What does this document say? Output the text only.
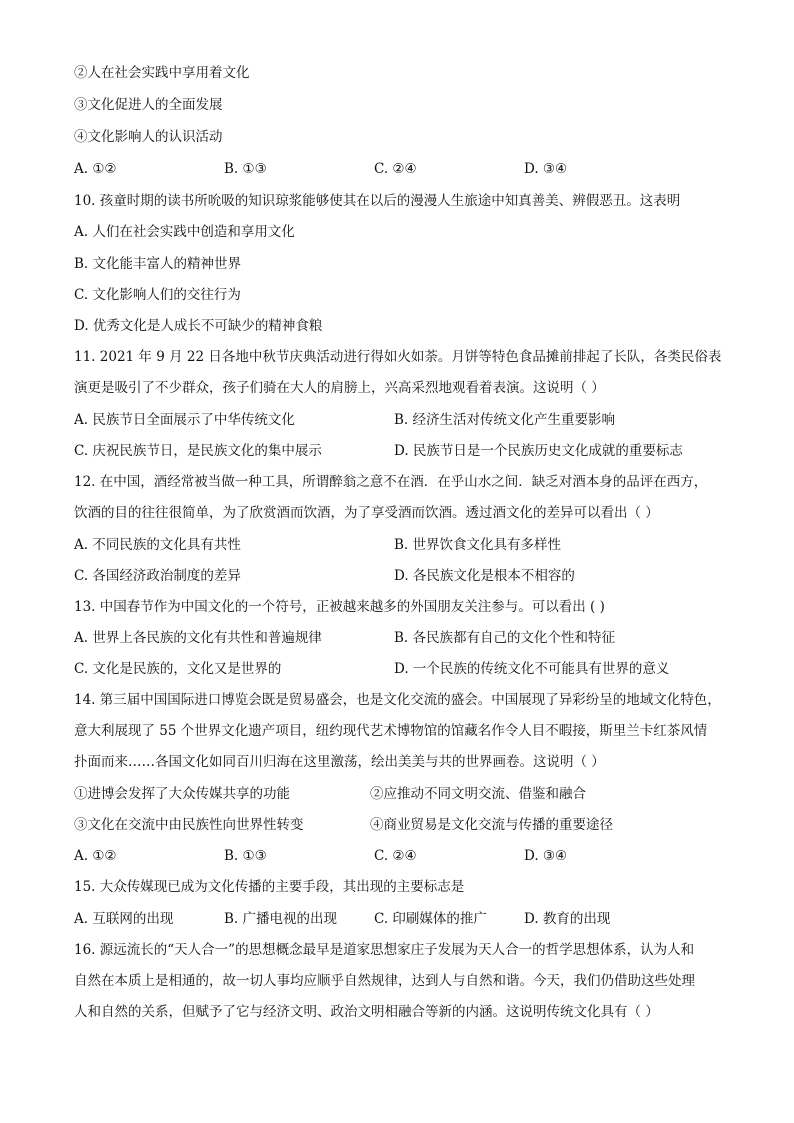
②人在社会实践中享用着文化
③文化促进人的全面发展
④文化影响人的认识活动
A. ①②	B. ①③	C. ②④	D. ③④
10. 孩童时期的读书所吮吸的知识琼浆能够使其在以后的漫漫人生旅途中知真善美、辨假恶丑。这表明
A. 人们在社会实践中创造和享用文化
B. 文化能丰富人的精神世界
C. 文化影响人们的交往行为
D. 优秀文化是人成长不可缺少的精神食粮
11. 2021 年 9 月 22 日各地中秋节庆典活动进行得如火如荼。月饼等特色食品摊前排起了长队，各类民俗表
演更是吸引了不少群众，孩子们骑在大人的肩膀上，兴高采烈地观看着表演。这说明（ ）
A. 民族节日全面展示了中华传统文化	B. 经济生活对传统文化产生重要影响
C. 庆祝民族节日，是民族文化的集中展示	D. 民族节日是一个民族历史文化成就的重要标志
12. 在中国，酒经常被当做一种工具，所谓醉翁之意不在酒．在乎山水之间．缺乏对酒本身的品评在西方，
饮酒的目的往往很简单，为了欣赏酒而饮酒，为了享受酒而饮酒。透过酒文化的差异可以看出（ ）
A. 不同民族的文化具有共性	B. 世界饮食文化具有多样性
C. 各国经济政治制度的差异	D. 各民族文化是根本不相容的
13. 中国春节作为中国文化的一个符号，正被越来越多的外国朋友关注参与。可以看出 ( )
A. 世界上各民族的文化有共性和普遍规律	B. 各民族都有自己的文化个性和特征
C. 文化是民族的，文化又是世界的	D. 一个民族的传统文化不可能具有世界的意义
14. 第三届中国国际进口博览会既是贸易盛会，也是文化交流的盛会。中国展现了异彩纷呈的地域文化特色，
意大利展现了 55 个世界文化遗产项目，纽约现代艺术博物馆的馆藏名作令人目不暇接，斯里兰卡红茶风情
扑面而来……各国文化如同百川归海在这里激荡，绘出美美与共的世界画卷。这说明（ ）
①进博会发挥了大众传媒共享的功能	②应推动不同文明交流、借鉴和融合
③文化在交流中由民族性向世界性转变	④商业贸易是文化交流与传播的重要途径
A. ①②	B. ①③	C. ②④	D. ③④
15. 大众传媒现已成为文化传播的主要手段，其出现的主要标志是
A. 互联网的出现	B. 广播电视的出现	C. 印刷媒体的推广	D. 教育的出现
16. 源远流长的“天人合一”的思想概念最早是道家思想家庄子发展为天人合一的哲学思想体系，认为人和
自然在本质上是相通的，故一切人事均应顺乎自然规律，达到人与自然和谐。今天，我们仍借助这些处理
人和自然的关系，但赋予了它与经济文明、政治文明相融合等新的内涵。这说明传统文化具有（ ）
